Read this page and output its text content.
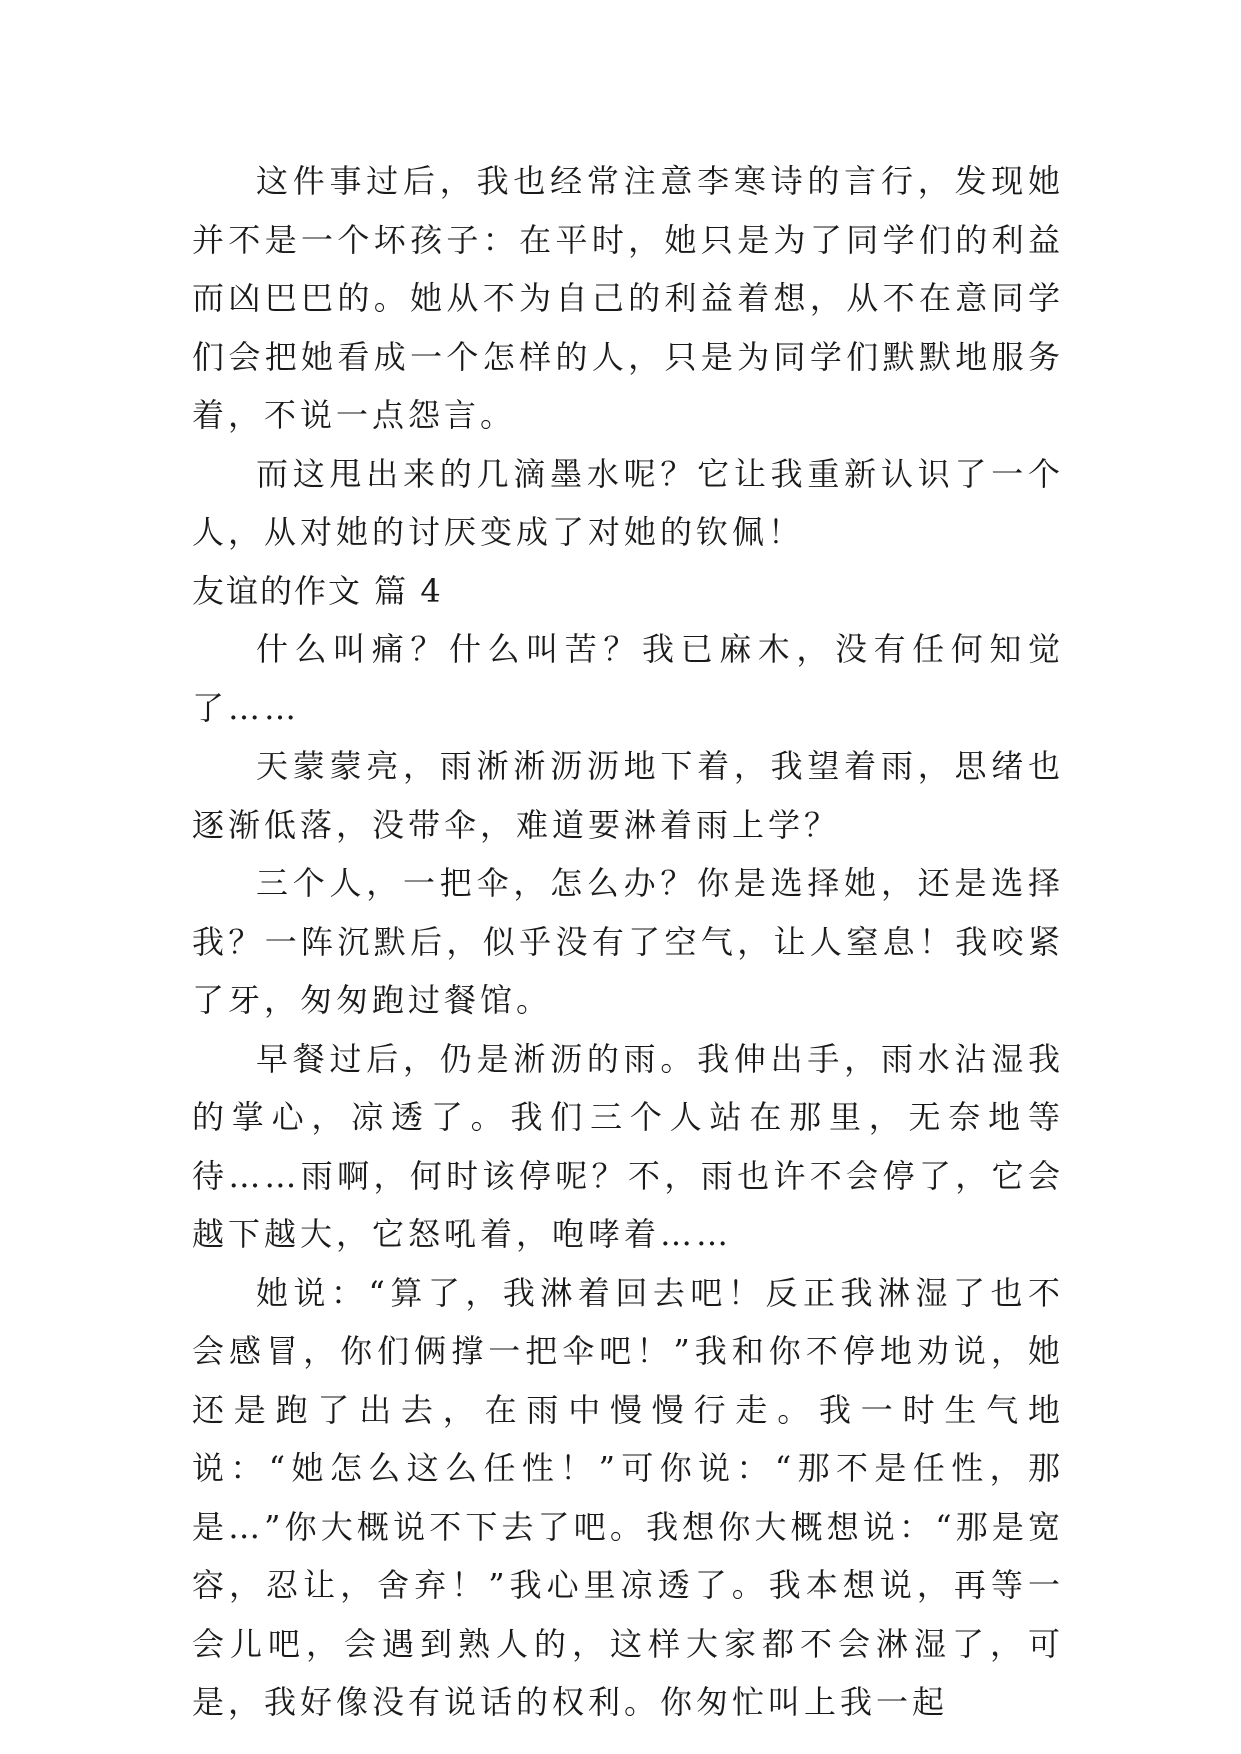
这件事过后，我也经常注意李寒诗的言行，发现她并不是一个坏孩子：在平时，她只是为了同学们的利益而凶巴巴的。她从不为自己的利益着想，从不在意同学们会把她看成一个怎样的人，只是为同学们默默地服务着，不说一点怨言。

而这甩出来的几滴墨水呢？它让我重新认识了一个人，从对她的讨厌变成了对她的钦佩！

友谊的作文 篇 4

什么叫痛？什么叫苦？我已麻木，没有任何知觉了……

天蒙蒙亮，雨淅淅沥沥地下着，我望着雨，思绪也逐渐低落，没带伞，难道要淋着雨上学？

三个人，一把伞，怎么办？你是选择她，还是选择我？一阵沉默后，似乎没有了空气，让人窒息！我咬紧了牙，匆匆跑过餐馆。

早餐过后，仍是淅沥的雨。我伸出手，雨水沾湿我的掌心，凉透了。我们三个人站在那里，无奈地等待……雨啊，何时该停呢？不，雨也许不会停了，它会越下越大，它怒吼着，咆哮着……

她说：“算了，我淋着回去吧！反正我淋湿了也不会感冒，你们俩撑一把伞吧！”我和你不停地劝说，她还是跑了出去，在雨中慢慢行走。我一时生气地说：“她怎么这么任性！”可你说：“那不是任性，那是…”你大概说不下去了吧。我想你大概想说：“那是宽容，忍让，舍弃！”我心里凉透了。我本想说，再等一会儿吧，会遇到熟人的，这样大家都不会淋湿了，可是，我好像没有说话的权利。你匆忙叫上我一起
